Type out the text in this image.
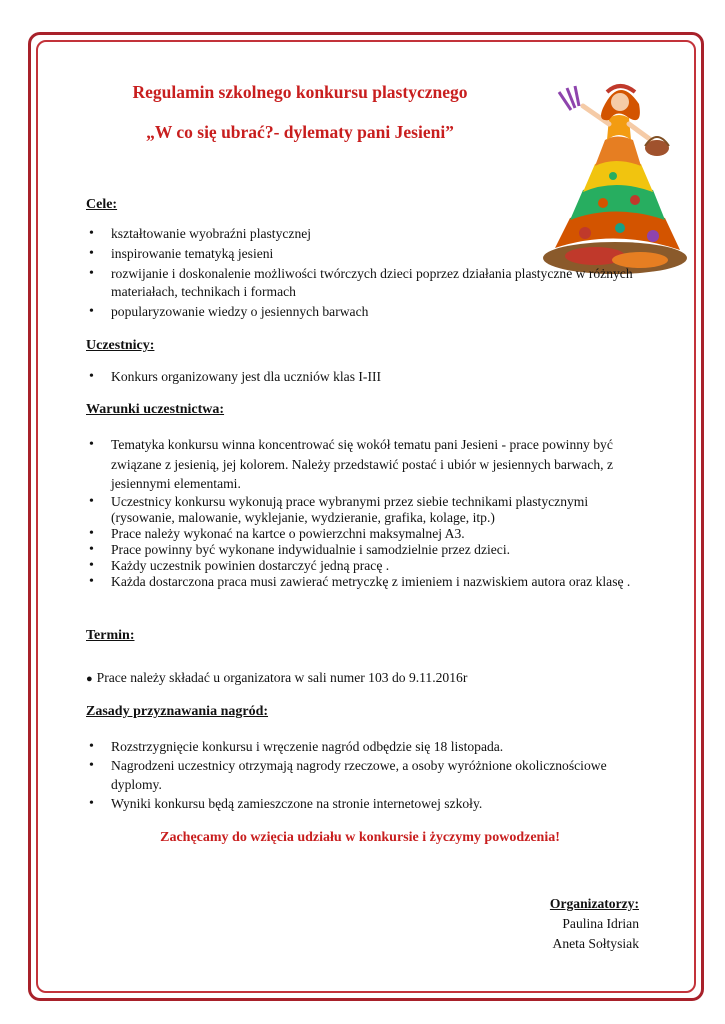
Regulamin szkolnego konkursu plastycznego
„W co się ubrać?- dylematy pani Jesieni”
Cele:
• kształtowanie wyobraźni plastycznej
• inspirowanie tematyką jesieni
• rozwijanie i doskonalenie możliwości twórczych dzieci poprzez działania plastyczne w różnych materiałach, technikach i formach
• popularyzowanie wiedzy o jesiennych barwach
Uczestnicy:
• Konkurs organizowany jest dla uczniów klas I-III
Warunki uczestnictwa:
• Tematyka konkursu winna koncentrować się wokół tematu pani Jesieni - prace powinny być związane z jesienią, jej kolorem. Należy przedstawić postać i ubiór w jesiennych barwach, z jesiennymi elementami.
• Uczestnicy konkursu wykonują prace wybranymi przez siebie technikami plastycznymi (rysowanie, malowanie, wyklejanie, wydzieranie, grafika, kolage, itp.)
• Prace należy wykonać na kartce o powierzchni maksymalnej A3.
• Prace powinny być wykonane indywidualnie i samodzielnie przez dzieci.
• Każdy uczestnik powinien dostarczyć jedną pracę .
• Każda dostarczona praca musi zawierać metryczkę z imieniem i nazwiskiem autora oraz klasę .
Termin:
● Prace należy składać u organizatora w sali numer 103 do 9.11.2016r
Zasady przyznawania nagród:
• Rozstrzygnięcie konkursu i wręczenie nagród odbędzie się 18 listopada.
• Nagrodzeni uczestnicy otrzymają nagrody rzeczowe, a osoby wyróżnione okolicznościowe dyplomy.
• Wyniki konkursu będą zamieszczone na stronie internetowej szkoły.
Zachęcamy do wzięcia udziału w konkursie i życzymy powodzenia!
Organizatorzy:
Paulina Idrian
Aneta Sołtysiak
